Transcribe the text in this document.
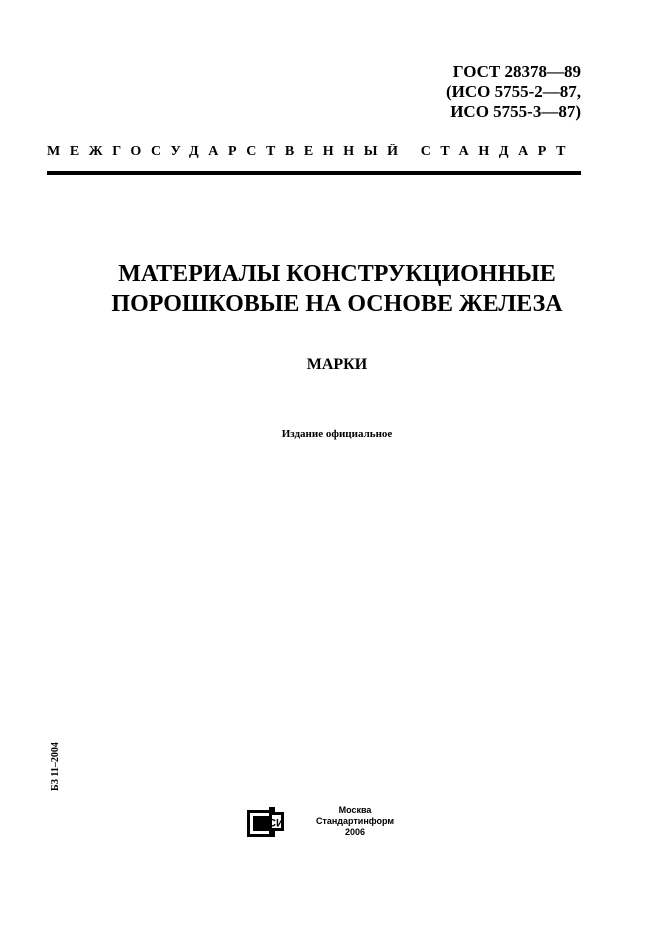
ГОСТ 28378—89
(ИСО 5755-2—87,
ИСО 5755-3—87)
МЕЖГОСУДАРСТВЕННЫЙ СТАНДАРТ
МАТЕРИАЛЫ КОНСТРУКЦИОННЫЕ
ПОРОШКОВЫЕ НА ОСНОВЕ ЖЕЛЕЗА
МАРКИ
Издание официальное
БЗ 11–2004
СИ
Москва
Стандартинформ
2006
